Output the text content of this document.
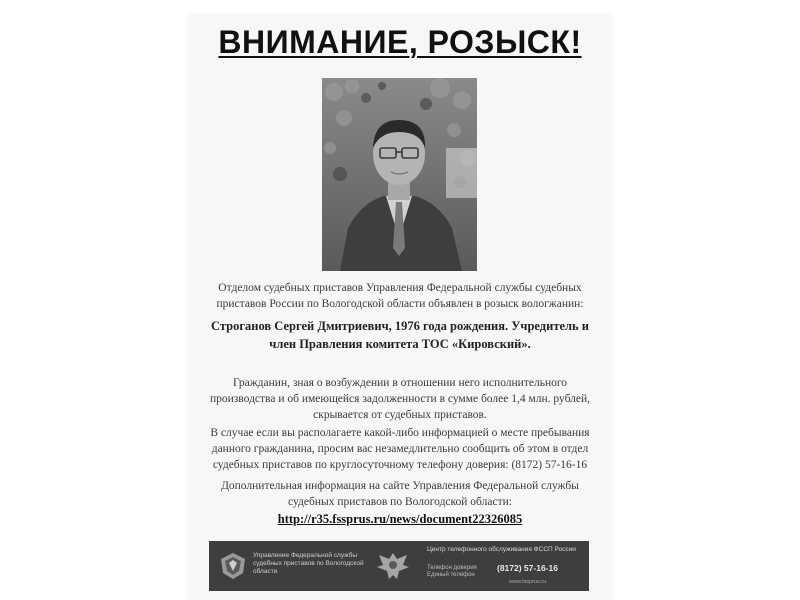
ВНИМАНИЕ, РОЗЫСК!
Отделом судебных приставов Управления Федеральной службы судебных приставов России по Вологодской области объявлен в розыск вологжанин:
Строганов Сергей Дмитриевич, 1976 года рождения. Учредитель и член Правления комитета ТОС «Кировский».
Гражданин, зная о возбуждении в отношении него исполнительного производства и об имеющейся задолженности в сумме более 1,4 млн. рублей, скрывается от судебных приставов.
В случае если вы располагаете какой-либо информацией о месте пребывания данного гражданина, просим вас незамедлительно сообщить об этом в отдел судебных приставов по круглосуточному телефону доверия: (8172) 57-16-16
Дополнительная информация на сайте Управления Федеральной службы судебных приставов по Вологодской области:
http://r35.fssprus.ru/news/document22326085
Управление Федеральной службы судебных приставов по Вологодской области
Центр телефонного обслуживания ФССП России
Телефон доверия Единый телефон
(8172) 57-16-16
www.fssprus.ru
